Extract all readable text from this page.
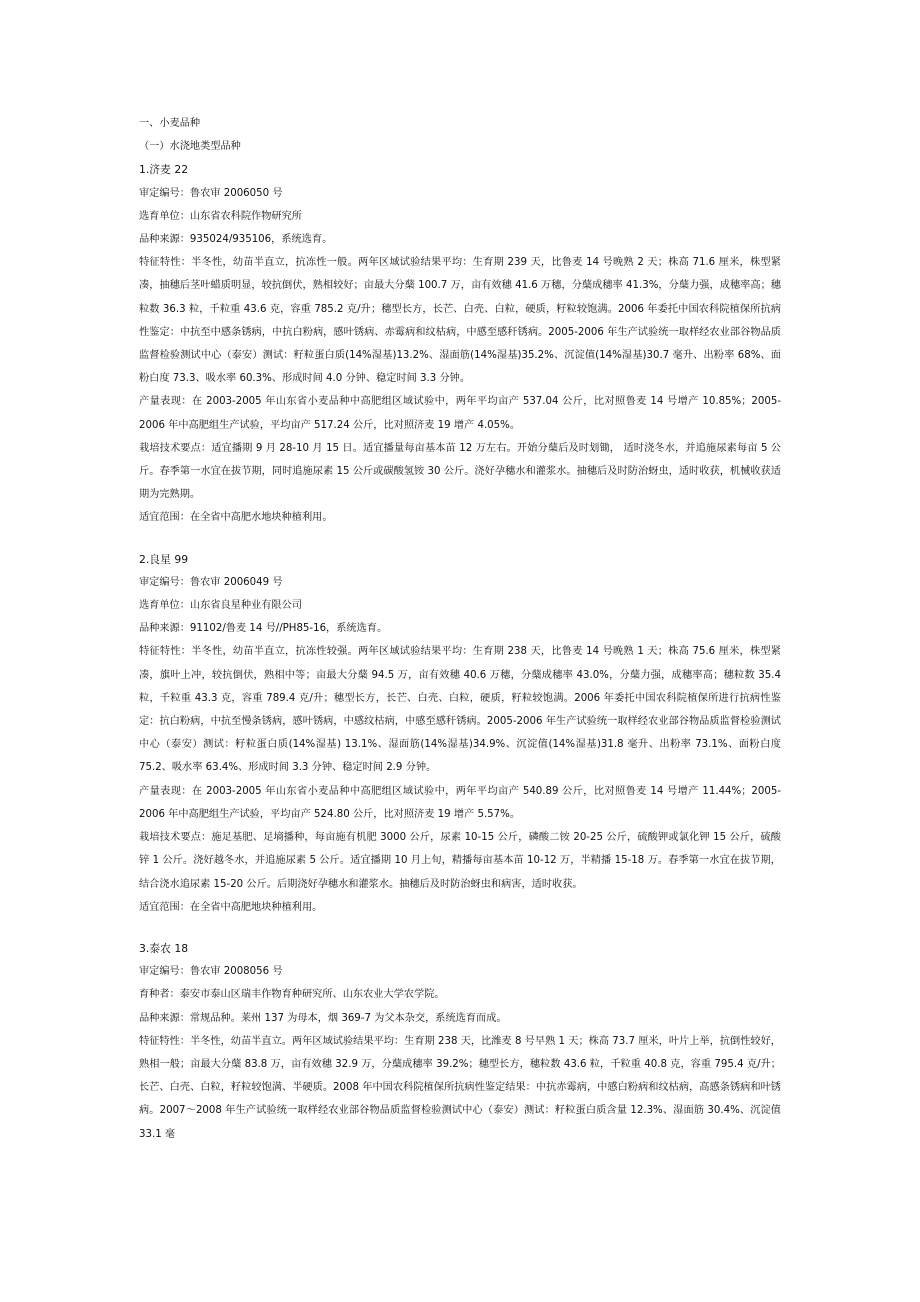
一、小麦品种

（一）水浇地类型品种

1.济麦 22

审定编号：鲁农审 2006050 号

选育单位：山东省农科院作物研究所

品种来源：935024/935106，系统选育。

特征特性：半冬性，幼苗半直立，抗冻性一般。两年区域试验结果平均：生育期 239 天，比鲁麦 14 号晚熟 2 天；株高 71.6 厘米，株型紧凑，抽穗后茎叶蜡质明显，较抗倒伏，熟相较好；亩最大分蘖 100.7 万，亩有效穗 41.6 万穗，分蘖成穗率 41.3%，分蘖力强，成穗率高；穗粒数 36.3 粒，千粒重 43.6 克，容重 785.2 克/升；穗型长方，长芒、白壳、白粒，硬质，籽粒较饱满。2006 年委托中国农科院植保所抗病性鉴定：中抗至中感条锈病，中抗白粉病，感叶锈病、赤霉病和纹枯病，中感至感秆锈病。2005-2006 年生产试验统一取样经农业部谷物品质监督检验测试中心（泰安）测试：籽粒蛋白质(14%湿基)13.2%、湿面筋(14%湿基)35.2%、沉淀值(14%湿基)30.7 毫升、出粉率 68%、面粉白度 73.3、吸水率 60.3%、形成时间 4.0 分钟、稳定时间 3.3 分钟。

产量表现：在 2003-2005 年山东省小麦品种中高肥组区域试验中，两年平均亩产 537.04 公斤，比对照鲁麦 14 号增产 10.85%；2005-2006 年中高肥组生产试验，平均亩产 517.24 公斤，比对照济麦 19 增产 4.05%。

栽培技术要点：适宜播期 9 月 28-10 月 15 日。适宜播量每亩基本苗 12 万左右。开始分蘖后及时划锄， 适时浇冬水，并追施尿素每亩 5 公斤。春季第一水宜在拔节期，同时追施尿素 15 公斤或碳酸氢铵 30 公斤。浇好孕穗水和灌浆水。抽穗后及时防治蚜虫，适时收获，机械收获适期为完熟期。

适宜范围：在全省中高肥水地块种植利用。

2.良星 99

审定编号：鲁农审 2006049 号

选育单位：山东省良星种业有限公司

品种来源：91102/鲁麦 14 号//PH85-16，系统选育。

特征特性：半冬性，幼苗半直立，抗冻性较强。两年区域试验结果平均：生育期 238 天，比鲁麦 14 号晚熟 1 天；株高 75.6 厘米，株型紧凑，旗叶上冲，较抗倒伏，熟相中等；亩最大分蘖 94.5 万，亩有效穗 40.6 万穗，分蘖成穗率 43.0%，分蘖力强，成穗率高；穗粒数 35.4 粒，千粒重 43.3 克，容重 789.4 克/升；穗型长方，长芒、白壳、白粒，硬质，籽粒较饱满。2006 年委托中国农科院植保所进行抗病性鉴定：抗白粉病，中抗至慢条锈病，感叶锈病，中感纹枯病，中感至感秆锈病。2005-2006 年生产试验统一取样经农业部谷物品质监督检验测试中心（泰安）测试：籽粒蛋白质(14%湿基) 13.1%、湿面筋(14%湿基)34.9%、沉淀值(14%湿基)31.8 毫升、出粉率 73.1%、面粉白度 75.2、吸水率 63.4%、形成时间 3.3 分钟、稳定时间 2.9 分钟。

产量表现：在 2003-2005 年山东省小麦品种中高肥组区域试验中，两年平均亩产 540.89 公斤，比对照鲁麦 14 号增产 11.44%；2005-2006 年中高肥组生产试验，平均亩产 524.80 公斤，比对照济麦 19 增产 5.57%。

栽培技术要点：施足基肥、足墒播种，每亩施有机肥 3000 公斤，尿素 10-15 公斤，磷酸二铵 20-25 公斤，硫酸钾或氯化钾 15 公斤，硫酸锌 1 公斤。浇好越冬水，并追施尿素 5 公斤。适宜播期 10 月上旬，精播每亩基本苗 10-12 万，半精播 15-18 万。春季第一水宜在拔节期，结合浇水追尿素 15-20 公斤。后期浇好孕穗水和灌浆水。抽穗后及时防治蚜虫和病害，适时收获。

适宜范围：在全省中高肥地块种植利用。

3.泰农 18

审定编号：鲁农审 2008056 号

育种者：泰安市泰山区瑞丰作物育种研究所、山东农业大学农学院。

品种来源：常规品种。莱州 137 为母本，烟 369-7 为父本杂交，系统选育而成。

特征特性：半冬性，幼苗半直立。两年区域试验结果平均：生育期 238 天，比潍麦 8 号早熟 1 天；株高 73.7 厘米，叶片上举，抗倒性较好，熟相一般；亩最大分蘖 83.8 万，亩有效穗 32.9 万，分蘖成穗率 39.2%；穗型长方，穗粒数 43.6 粒，千粒重 40.8 克，容重 795.4 克/升；长芒、白壳、白粒，籽粒较饱满、半硬质。2008 年中国农科院植保所抗病性鉴定结果：中抗赤霉病，中感白粉病和纹枯病，高感条锈病和叶锈病。2007～2008 年生产试验统一取样经农业部谷物品质监督检验测试中心（泰安）测试：籽粒蛋白质含量 12.3%、湿面筋 30.4%、沉淀值 33.1 毫
